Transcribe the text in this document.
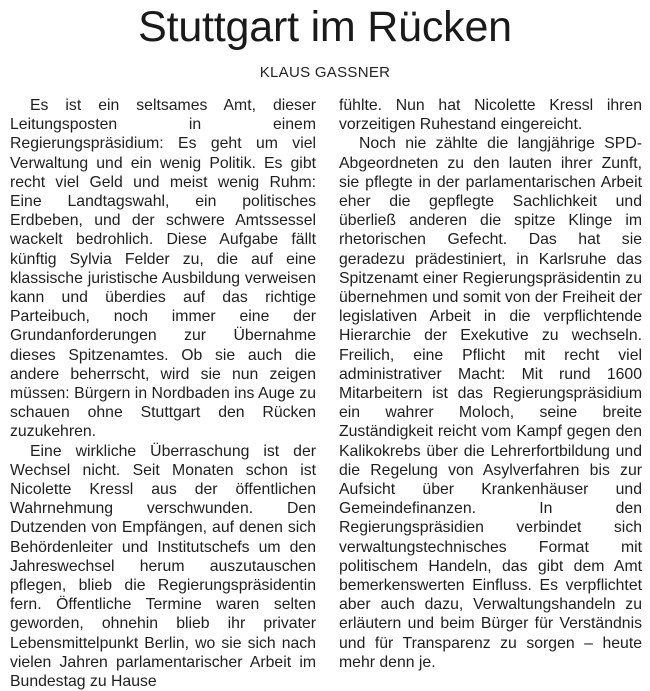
Stuttgart im Rücken
KLAUS GASSNER

Es ist ein seltsames Amt, dieser Leitungsposten in einem Regierungspräsidium: Es geht um viel Verwaltung und ein wenig Politik. Es gibt recht viel Geld und meist wenig Ruhm: Eine Landtagswahl, ein politisches Erdbeben, und der schwere Amtssessel wackelt bedrohlich. Diese Aufgabe fällt künftig Sylvia Felder zu, die auf eine klassische juristische Ausbildung verweisen kann und überdies auf das richtige Parteibuch, noch immer eine der Grundanforderungen zur Übernahme dieses Spitzenamtes. Ob sie auch die andere beherrscht, wird sie nun zeigen müssen: Bürgern in Nordbaden ins Auge zu schauen ohne Stuttgart den Rücken zuzukehren.

Eine wirkliche Überraschung ist der Wechsel nicht. Seit Monaten schon ist Nicolette Kressl aus der öffentlichen Wahrnehmung verschwunden. Den Dutzenden von Empfängen, auf denen sich Behördenleiter und Institutschefs um den Jahreswechsel herum auszutauschen pflegen, blieb die Regierungspräsidentin fern. Öffentliche Termine waren selten geworden, ohnehin blieb ihr privater Lebensmittelpunkt Berlin, wo sie sich nach vielen Jahren parlamentarischer Arbeit im Bundestag zu Hause

fühlte. Nun hat Nicolette Kressl ihren vorzeitigen Ruhestand eingereicht.

Noch nie zählte die langjährige SPD-Abgeordneten zu den lauten ihrer Zunft, sie pflegte in der parlamentarischen Arbeit eher die gepflegte Sachlichkeit und überließ anderen die spitze Klinge im rhetorischen Gefecht. Das hat sie geradezu prädestiniert, in Karlsruhe das Spitzenamt einer Regierungspräsidentin zu übernehmen und somit von der Freiheit der legislativen Arbeit in die verpflichtende Hierarchie der Exekutive zu wechseln. Freilich, eine Pflicht mit recht viel administrativer Macht: Mit rund 1600 Mitarbeitern ist das Regierungspräsidium ein wahrer Moloch, seine breite Zuständigkeit reicht vom Kampf gegen den Kalikokrebs über die Lehrerfortbildung und die Regelung von Asylverfahren bis zur Aufsicht über Krankenhäuser und Gemeindefinanzen. In den Regierungspräsidien verbindet sich verwaltungstechnisches Format mit politischem Handeln, das gibt dem Amt bemerkenswerten Einfluss. Es verpflichtet aber auch dazu, Verwaltungshandeln zu erläutern und beim Bürger für Verständnis und für Transparenz zu sorgen – heute mehr denn je.
